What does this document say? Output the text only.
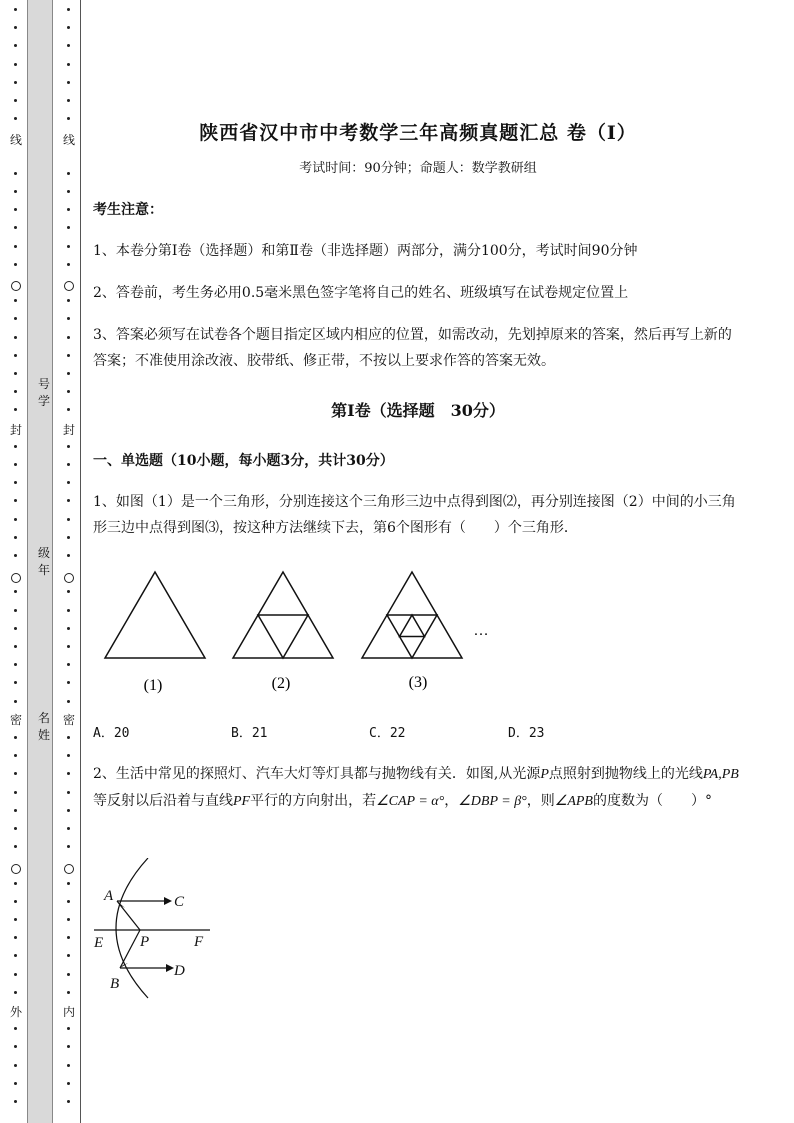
线
封
密
外
线
封
密
内
号
学
级
年
名
姓
陕西省汉中市中考数学三年高频真题汇总 卷（Ⅰ）
考试时间：90分钟；命题人：数学教研组
考生注意：
1、本卷分第Ⅰ卷（选择题）和第Ⅱ卷（非选择题）两部分，满分100分，考试时间90分钟
2、答卷前，考生务必用0.5毫米黑色签字笔将自己的姓名、班级填写在试卷规定位置上
3、答案必须写在试卷各个题目指定区域内相应的位置，如需改动，先划掉原来的答案，然后再写上新的答案；不准使用涂改液、胶带纸、修正带，不按以上要求作答的答案无效。
第Ⅰ卷（选择题　30分）
一、单选题（10小题，每小题3分，共计30分）
1、如图（1）是一个三角形，分别连接这个三角形三边中点得到图⑵，再分别连接图（2）中间的小三角形三边中点得到图⑶，按这种方法继续下去，第6个图形有（　　）个三角形．
A．20	B．21	C．22	D．23
2、生活中常见的探照灯、汽车大灯等灯具都与抛物线有关．如图,从光源P点照射到抛物线上的光线PA,PB等反射以后沿着与直线PF平行的方向射出，若∠CAP = α°，∠DBP = β°，则∠APB的度数为（　　）°
(1)	(2)	(3)
…
A	C
E P	F
D
B
